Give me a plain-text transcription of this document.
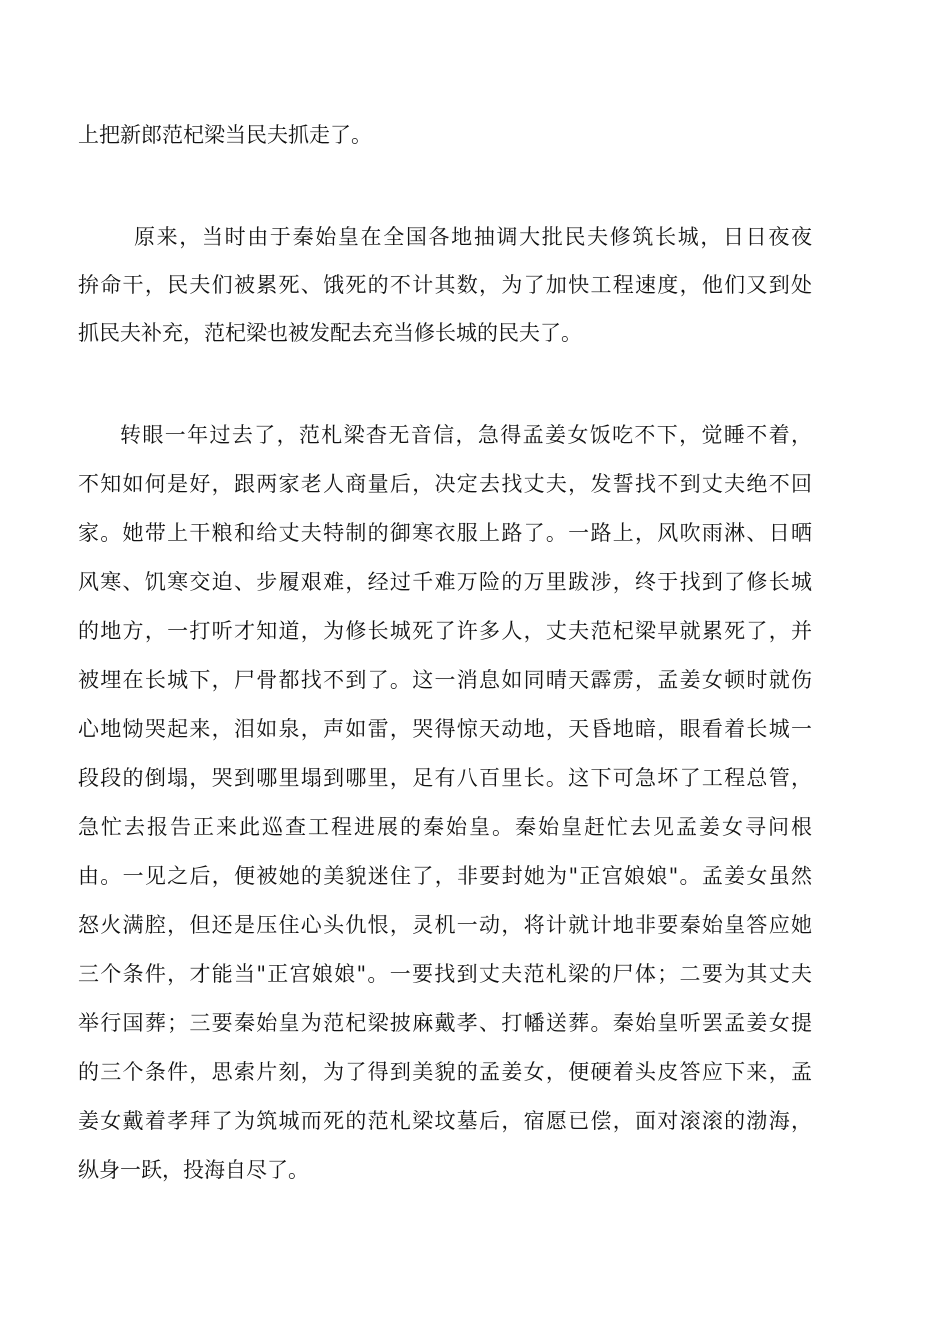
上把新郎范杞梁当民夫抓走了。
原来，当时由于秦始皇在全国各地抽调大批民夫修筑长城，日日夜夜
拚命干，民夫们被累死、饿死的不计其数，为了加快工程速度，他们又到处
抓民夫补充，范杞梁也被发配去充当修长城的民夫了。
转眼一年过去了，范札梁杳无音信，急得孟姜女饭吃不下，觉睡不着，
不知如何是好，跟两家老人商量后，决定去找丈夫，发誓找不到丈夫绝不回
家。她带上干粮和给丈夫特制的御寒衣服上路了。一路上，风吹雨淋、日晒
风寒、饥寒交迫、步履艰难，经过千难万险的万里跋涉，终于找到了修长城
的地方，一打听才知道，为修长城死了许多人，丈夫范杞梁早就累死了，并
被埋在长城下，尸骨都找不到了。这一消息如同晴天霹雳，孟姜女顿时就伤
心地恸哭起来，泪如泉，声如雷，哭得惊天动地，天昏地暗，眼看着长城一
段段的倒塌，哭到哪里塌到哪里，足有八百里长。这下可急坏了工程总管，
急忙去报告正来此巡查工程进展的秦始皇。秦始皇赶忙去见孟姜女寻问根
由。一见之后，便被她的美貌迷住了，非要封她为"正宫娘娘"。孟姜女虽然
怒火满腔，但还是压住心头仇恨，灵机一动，将计就计地非要秦始皇答应她
三个条件，才能当"正宫娘娘"。一要找到丈夫范札梁的尸体；二要为其丈夫
举行国葬；三要秦始皇为范杞梁披麻戴孝、打幡送葬。秦始皇听罢孟姜女提
的三个条件，思索片刻，为了得到美貌的孟姜女，便硬着头皮答应下来，孟
姜女戴着孝拜了为筑城而死的范札梁坟墓后，宿愿已偿，面对滚滚的渤海，
纵身一跃，投海自尽了。
